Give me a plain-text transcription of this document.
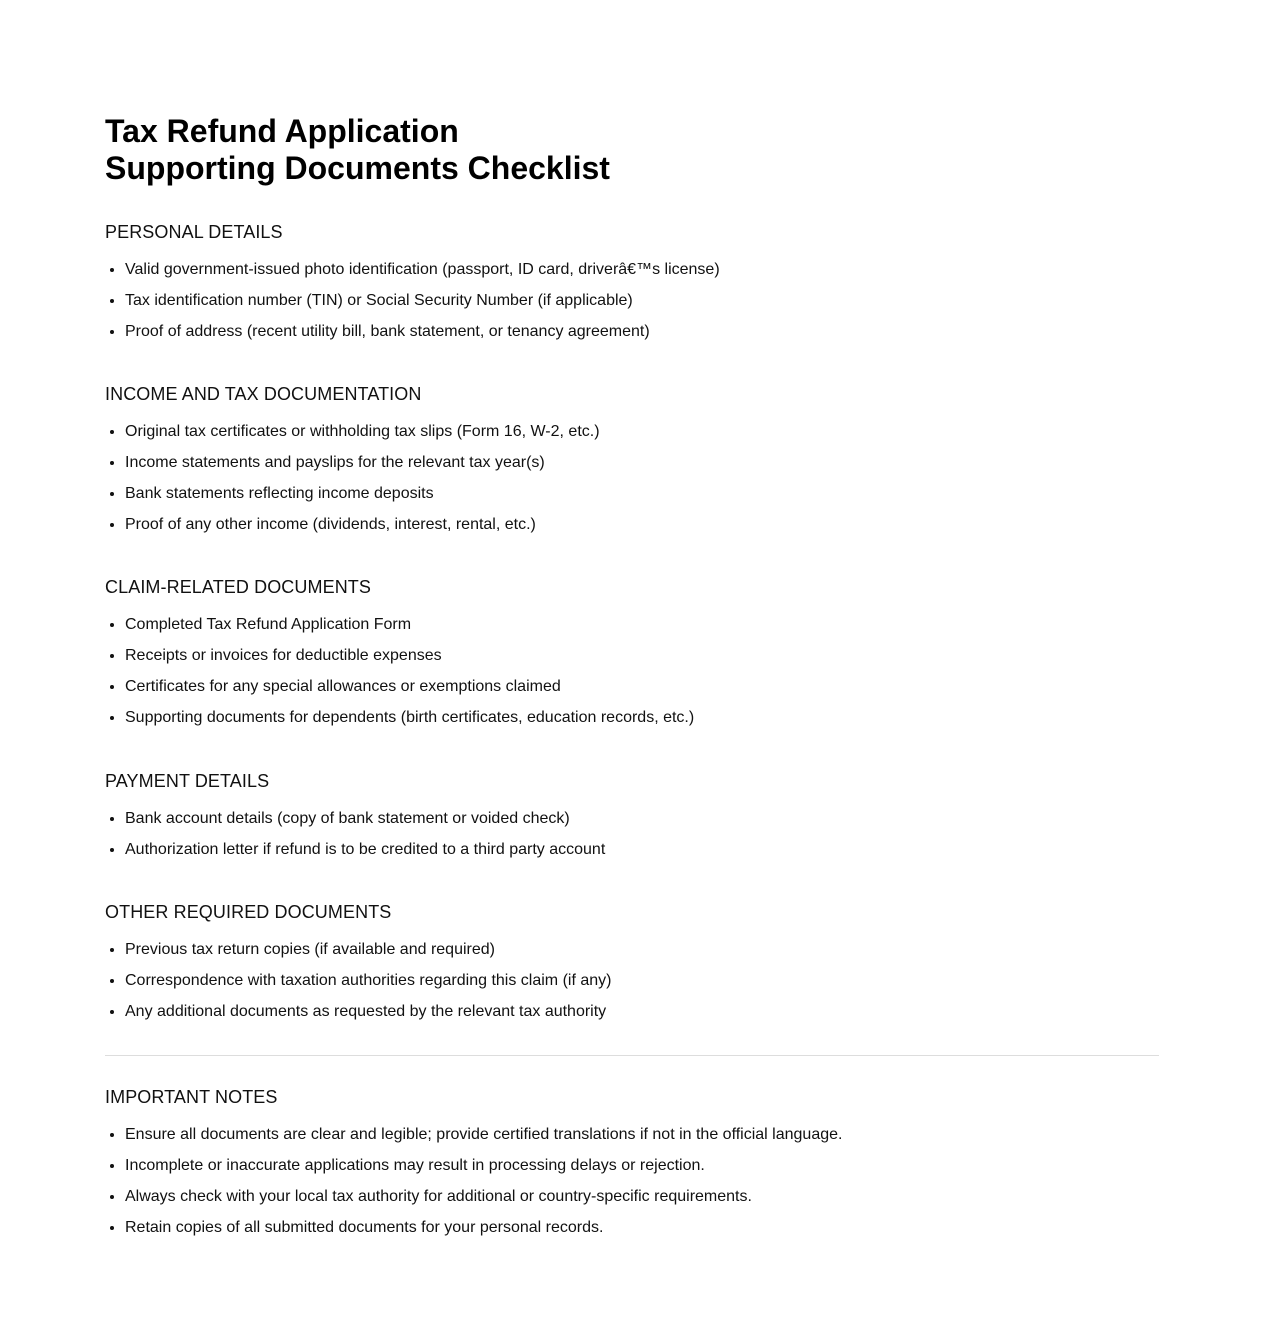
Tax Refund Application
Supporting Documents Checklist
PERSONAL DETAILS
• Valid government-issued photo identification (passport, ID card, driverâ€™s license)
• Tax identification number (TIN) or Social Security Number (if applicable)
• Proof of address (recent utility bill, bank statement, or tenancy agreement)
INCOME AND TAX DOCUMENTATION
• Original tax certificates or withholding tax slips (Form 16, W-2, etc.)
• Income statements and payslips for the relevant tax year(s)
• Bank statements reflecting income deposits
• Proof of any other income (dividends, interest, rental, etc.)
CLAIM-RELATED DOCUMENTS
• Completed Tax Refund Application Form
• Receipts or invoices for deductible expenses
• Certificates for any special allowances or exemptions claimed
• Supporting documents for dependents (birth certificates, education records, etc.)
PAYMENT DETAILS
• Bank account details (copy of bank statement or voided check)
• Authorization letter if refund is to be credited to a third party account
OTHER REQUIRED DOCUMENTS
• Previous tax return copies (if available and required)
• Correspondence with taxation authorities regarding this claim (if any)
• Any additional documents as requested by the relevant tax authority
IMPORTANT NOTES
• Ensure all documents are clear and legible; provide certified translations if not in the official language.
• Incomplete or inaccurate applications may result in processing delays or rejection.
• Always check with your local tax authority for additional or country-specific requirements.
• Retain copies of all submitted documents for your personal records.
